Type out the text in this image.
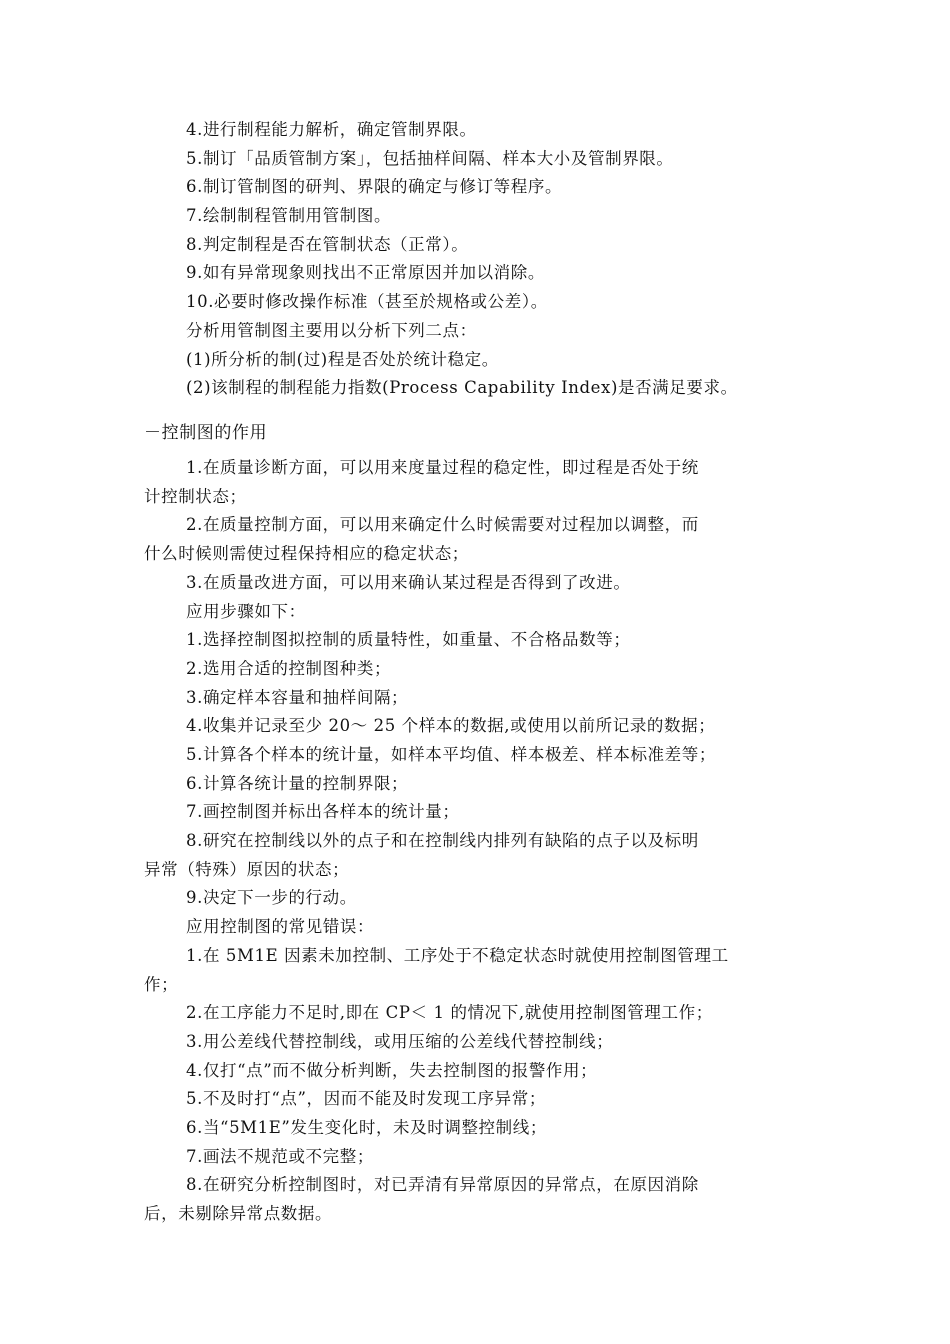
4.进行制程能力解析，确定管制界限。
5.制订「品质管制方案」，包括抽样间隔、样本大小及管制界限。
6.制订管制图的研判、界限的确定与修订等程序。
7.绘制制程管制用管制图。
8.判定制程是否在管制状态（正常）。
9.如有异常现象则找出不正常原因并加以消除。
10.必要时修改操作标准（甚至於规格或公差）。
分析用管制图主要用以分析下列二点：
(1)所分析的制(过)程是否处於统计稳定。
(2)该制程的制程能力指数(Process Capability Index)是否满足要求。
－控制图的作用
1.在质量诊断方面，可以用来度量过程的稳定性，即过程是否处于统
计控制状态；
2.在质量控制方面，可以用来确定什么时候需要对过程加以调整，而
什么时候则需使过程保持相应的稳定状态；
3.在质量改进方面，可以用来确认某过程是否得到了改进。
应用步骤如下：
1.选择控制图拟控制的质量特性，如重量、不合格品数等；
2.选用合适的控制图种类；
3.确定样本容量和抽样间隔；
4.收集并记录至少 20～ 25 个样本的数据,或使用以前所记录的数据；
5.计算各个样本的统计量，如样本平均值、样本极差、样本标准差等；
6.计算各统计量的控制界限；
7.画控制图并标出各样本的统计量；
8.研究在控制线以外的点子和在控制线内排列有缺陷的点子以及标明
异常（特殊）原因的状态；
9.决定下一步的行动。
应用控制图的常见错误：
1.在 5M1E 因素未加控制、工序处于不稳定状态时就使用控制图管理工
作；
2.在工序能力不足时,即在 CP＜ 1 的情况下,就使用控制图管理工作；
3.用公差线代替控制线，或用压缩的公差线代替控制线；
4.仅打“点”而不做分析判断，失去控制图的报警作用；
5.不及时打“点”，因而不能及时发现工序异常；
6.当“5M1E”发生变化时，未及时调整控制线；
7.画法不规范或不完整；
8.在研究分析控制图时，对已弄清有异常原因的异常点，在原因消除
后，未剔除异常点数据。
